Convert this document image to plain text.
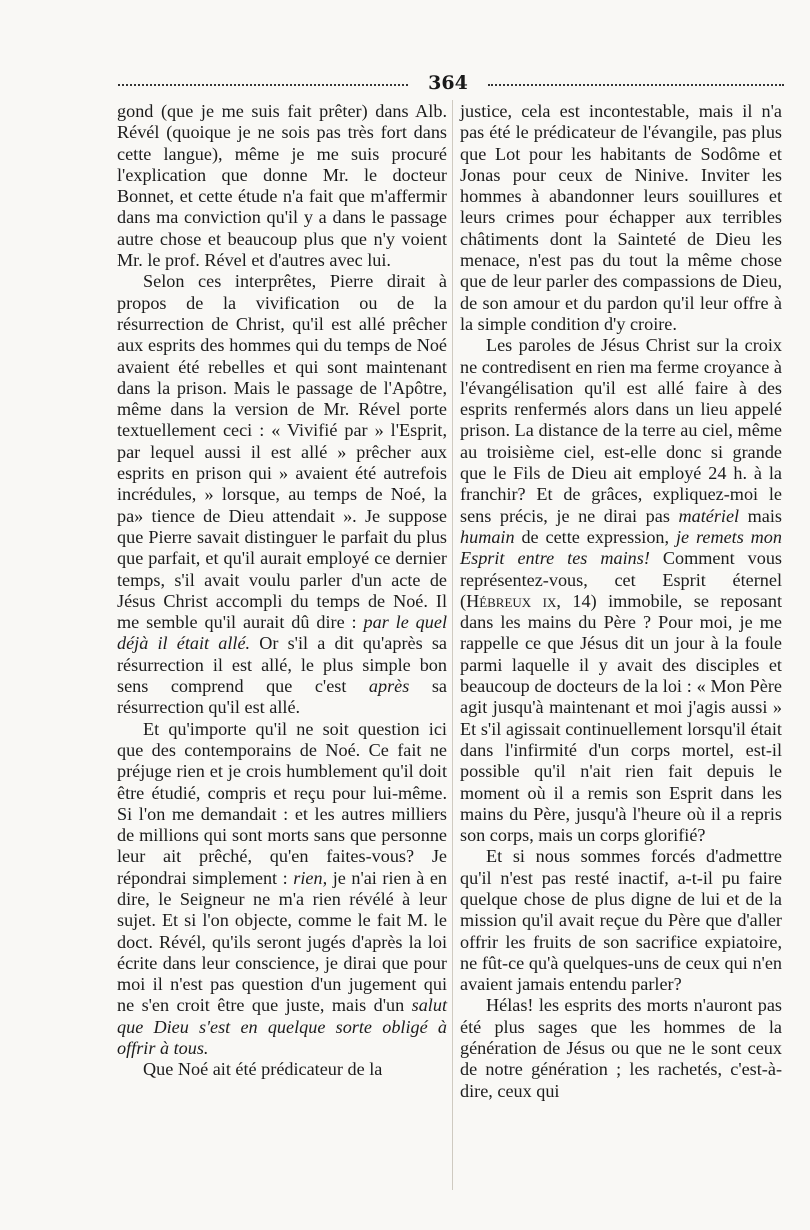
364

gond (que je me suis fait prêter) dans Alb. Révél (quoique je ne sois pas très fort dans cette langue), même je me suis procuré l'explication que donne Mr. le docteur Bonnet, et cette étude n'a fait que m'affermir dans ma conviction qu'il y a dans le passage autre chose et beaucoup plus que n'y voient Mr. le prof. Rével et d'autres avec lui.

Selon ces interprêtes, Pierre dirait à propos de la vivification ou de la résurrection de Christ, qu'il est allé prêcher aux esprits des hommes qui du temps de Noé avaient été rebelles et qui sont maintenant dans la prison. Mais le passage de l'Apôtre, même dans la version de Mr. Rével porte textuellement ceci : « Vivifié par » l'Esprit, par lequel aussi il est allé » prêcher aux esprits en prison qui » avaient été autrefois incrédules, » lorsque, au temps de Noé, la pa» tience de Dieu attendait ». Je suppose que Pierre savait distinguer le parfait du plus que parfait, et qu'il aurait employé ce dernier temps, s'il avait voulu parler d'un acte de Jésus Christ accompli du temps de Noé. Il me semble qu'il aurait dû dire : par le quel déjà il était allé. Or s'il a dit qu'après sa résurrection il est allé, le plus simple bon sens comprend que c'est après sa résurrection qu'il est allé.

Et qu'importe qu'il ne soit question ici que des contemporains de Noé. Ce fait ne préjuge rien et je crois humblement qu'il doit être étudié, compris et reçu pour lui-même. Si l'on me demandait : et les autres milliers de millions qui sont morts sans que personne leur ait prêché, qu'en faites-vous? Je répondrai simplement : rien, je n'ai rien à en dire, le Seigneur ne m'a rien révélé à leur sujet. Et si l'on objecte, comme le fait M. le doct. Révél, qu'ils seront jugés d'après la loi écrite dans leur conscience, je dirai que pour moi il n'est pas question d'un jugement qui ne s'en croit être que juste, mais d'un salut que Dieu s'est en quelque sorte obligé à offrir à tous.

Que Noé ait été prédicateur de la

justice, cela est incontestable, mais il n'a pas été le prédicateur de l'évangile, pas plus que Lot pour les habitants de Sodôme et Jonas pour ceux de Ninive. Inviter les hommes à abandonner leurs souillures et leurs crimes pour échapper aux terribles châtiments dont la Sainteté de Dieu les menace, n'est pas du tout la même chose que de leur parler des compassions de Dieu, de son amour et du pardon qu'il leur offre à la simple condition d'y croire.

Les paroles de Jésus Christ sur la croix ne contredisent en rien ma ferme croyance à l'évangélisation qu'il est allé faire à des esprits renfermés alors dans un lieu appelé prison. La distance de la terre au ciel, même au troisième ciel, est-elle donc si grande que le Fils de Dieu ait employé 24 h. à la franchir? Et de grâces, expliquez-moi le sens précis, je ne dirai pas matériel mais humain de cette expression, je remets mon Esprit entre tes mains! Comment vous représentez-vous, cet Esprit éternel (Hébreux ix, 14) immobile, se reposant dans les mains du Père ? Pour moi, je me rappelle ce que Jésus dit un jour à la foule parmi laquelle il y avait des disciples et beaucoup de docteurs de la loi : « Mon Père agit jusqu'à maintenant et moi j'agis aussi » Et s'il agissait continuellement lorsqu'il était dans l'infirmité d'un corps mortel, est-il possible qu'il n'ait rien fait depuis le moment où il a remis son Esprit dans les mains du Père, jusqu'à l'heure où il a repris son corps, mais un corps glorifié?

Et si nous sommes forcés d'admettre qu'il n'est pas resté inactif, a-t-il pu faire quelque chose de plus digne de lui et de la mission qu'il avait reçue du Père que d'aller offrir les fruits de son sacrifice expiatoire, ne fût-ce qu'à quelques-uns de ceux qui n'en avaient jamais entendu parler?

Hélas! les esprits des morts n'auront pas été plus sages que les hommes de la génération de Jésus ou que ne le sont ceux de notre génération ; les rachetés, c'est-à-dire, ceux qui
